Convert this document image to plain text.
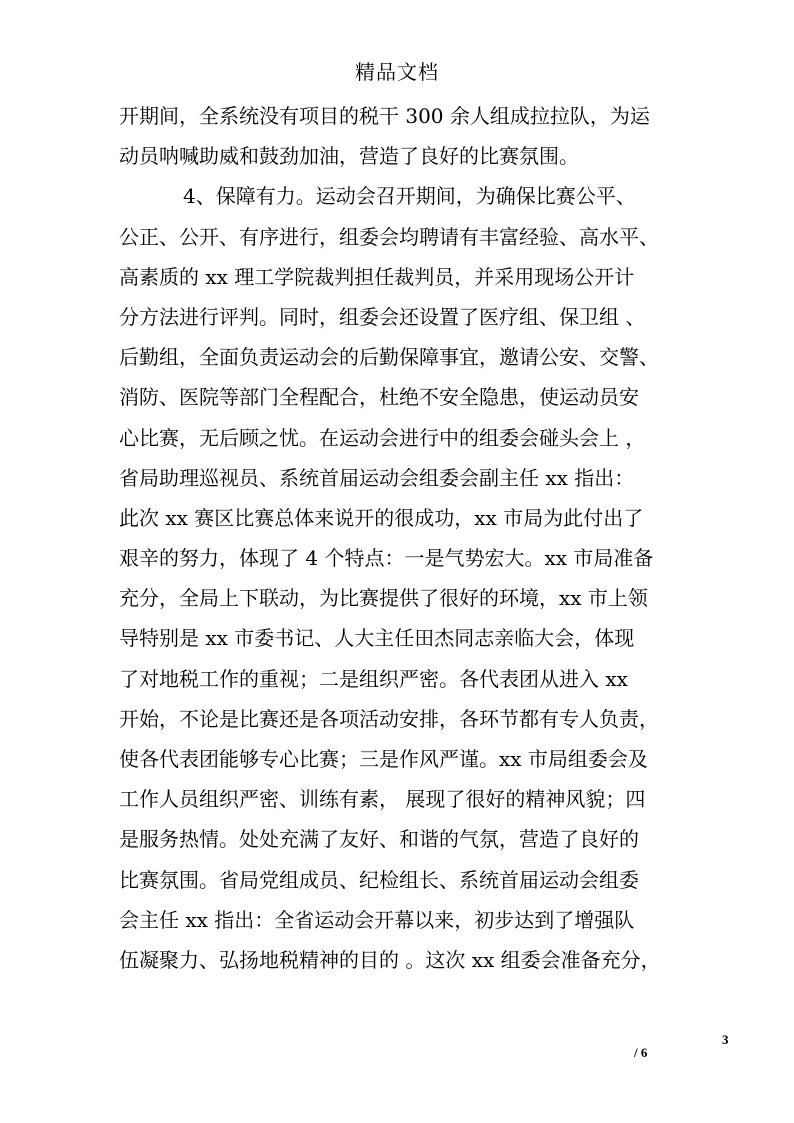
精品文档
开期间，全系统没有项目的税干 300 余人组成拉拉队，为运
动员呐喊助威和鼓劲加油，营造了良好的比赛氛围。
4、保障有力。运动会召开期间，为确保比赛公平、
公正、公开、有序进行，组委会均聘请有丰富经验、高水平、
高素质的 xx 理工学院裁判担任裁判员，并采用现场公开计
分方法进行评判。同时，组委会还设置了医疗组、保卫组 、
后勤组，全面负责运动会的后勤保障事宜，邀请公安、交警、
消防、医院等部门全程配合，杜绝不安全隐患，使运动员安
心比赛，无后顾之忧。在运动会进行中的组委会碰头会上 ，
省局助理巡视员、系统首届运动会组委会副主任 xx 指出：
此次 xx 赛区比赛总体来说开的很成功，xx 市局为此付出了
艰辛的努力，体现了 4 个特点：一是气势宏大。xx 市局准备
充分，全局上下联动，为比赛提供了很好的环境，xx 市上领
导特别是 xx 市委书记、人大主任田杰同志亲临大会，体现
了对地税工作的重视；二是组织严密。各代表团从进入 xx
开始，不论是比赛还是各项活动安排，各环节都有专人负责，
使各代表团能够专心比赛；三是作风严谨。xx 市局组委会及
工作人员组织严密、训练有素， 展现了很好的精神风貌；四
是服务热情。处处充满了友好、和谐的气氛，营造了良好的
比赛氛围。省局党组成员、纪检组长、系统首届运动会组委
会主任 xx 指出：全省运动会开幕以来，初步达到了增强队
伍凝聚力、弘扬地税精神的目的 。这次 xx 组委会准备充分，
3
/ 6
